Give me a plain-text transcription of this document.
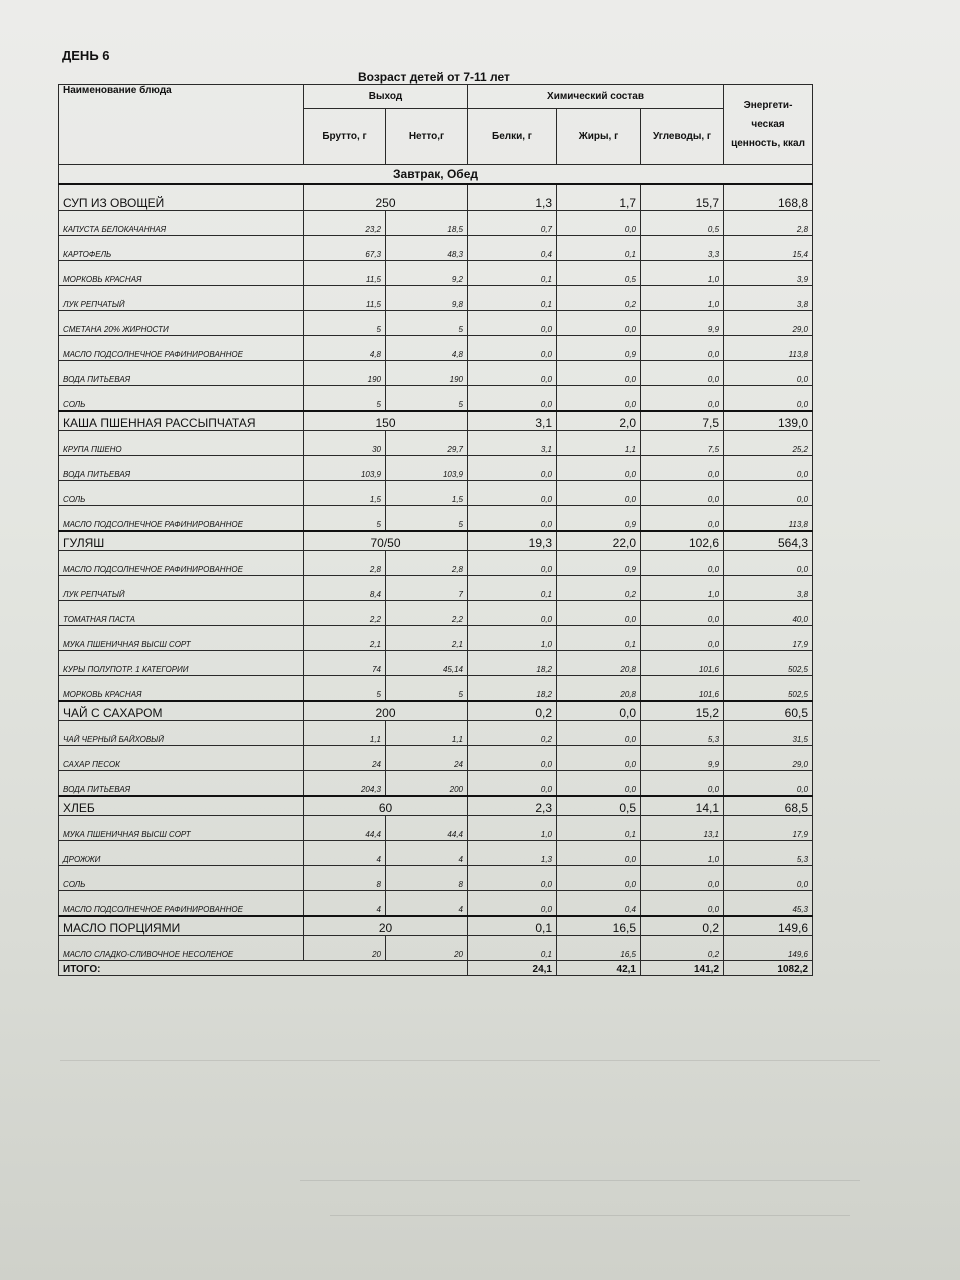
ДЕНЬ 6
Возраст детей от 7-11 лет
Наименование блюда	Выход		Химический состав			Энергети-ческая ценность, ккал
	Брутто, г	Нетто,г	Белки, г	Жиры, г	Углеводы, г	
Завтрак, Обед						
СУП ИЗ ОВОЩЕЙ	250		1,3	1,7	15,7	168,8
КАПУСТА БЕЛОКАЧАННАЯ	23,2	18,5	0,7	0,0	0,5	2,8
КАРТОФЕЛЬ	67,3	48,3	0,4	0,1	3,3	15,4
МОРКОВЬ КРАСНАЯ	11,5	9,2	0,1	0,5	1,0	3,9
ЛУК РЕПЧАТЫЙ	11,5	9,8	0,1	0,2	1,0	3,8
СМЕТАНА 20% ЖИРНОСТИ	5	5	0,0	0,0	9,9	29,0
МАСЛО ПОДСОЛНЕЧНОЕ РАФИНИРОВАННОЕ	4,8	4,8	0,0	0,9	0,0	113,8
ВОДА ПИТЬЕВАЯ	190	190	0,0	0,0	0,0	0,0
СОЛЬ	5	5	0,0	0,0	0,0	0,0
КАША ПШЕННАЯ РАССЫПЧАТАЯ	150		3,1	2,0	7,5	139,0
КРУПА ПШЕНО	30	29,7	3,1	1,1	7,5	25,2
ВОДА ПИТЬЕВАЯ	103,9	103,9	0,0	0,0	0,0	0,0
СОЛЬ	1,5	1,5	0,0	0,0	0,0	0,0
МАСЛО ПОДСОЛНЕЧНОЕ РАФИНИРОВАННОЕ	5	5	0,0	0,9	0,0	113,8
ГУЛЯШ	70/50		19,3	22,0	102,6	564,3
МАСЛО ПОДСОЛНЕЧНОЕ РАФИНИРОВАННОЕ	2,8	2,8	0,0	0,9	0,0	0,0
ЛУК РЕПЧАТЫЙ	8,4	7	0,1	0,2	1,0	3,8
ТОМАТНАЯ ПАСТА	2,2	2,2	0,0	0,0	0,0	40,0
МУКА ПШЕНИЧНАЯ ВЫСШ СОРТ	2,1	2,1	1,0	0,1	0,0	17,9
КУРЫ ПОЛУПОТР. 1 КАТЕГОРИИ	74	45,14	18,2	20,8	101,6	502,5
МОРКОВЬ КРАСНАЯ	5	5	18,2	20,8	101,6	502,5
ЧАЙ С САХАРОМ	200		0,2	0,0	15,2	60,5
ЧАЙ ЧЕРНЫЙ БАЙХОВЫЙ	1,1	1,1	0,2	0,0	5,3	31,5
САХАР ПЕСОК	24	24	0,0	0,0	9,9	29,0
ВОДА ПИТЬЕВАЯ	204,3	200	0,0	0,0	0,0	0,0
ХЛЕБ	60		2,3	0,5	14,1	68,5
МУКА ПШЕНИЧНАЯ ВЫСШ СОРТ	44,4	44,4	1,0	0,1	13,1	17,9
ДРОЖЖИ	4	4	1,3	0,0	1,0	5,3
СОЛЬ	8	8	0,0	0,0	0,0	0,0
МАСЛО ПОДСОЛНЕЧНОЕ РАФИНИРОВАННОЕ	4	4	0,0	0,4	0,0	45,3
МАСЛО ПОРЦИЯМИ	20		0,1	16,5	0,2	149,6
МАСЛО СЛАДКО-СЛИВОЧНОЕ НЕСОЛЕНОЕ	20	20	0,1	16,5	0,2	149,6
ИТОГО:			24,1	42,1	141,2	1082,2
